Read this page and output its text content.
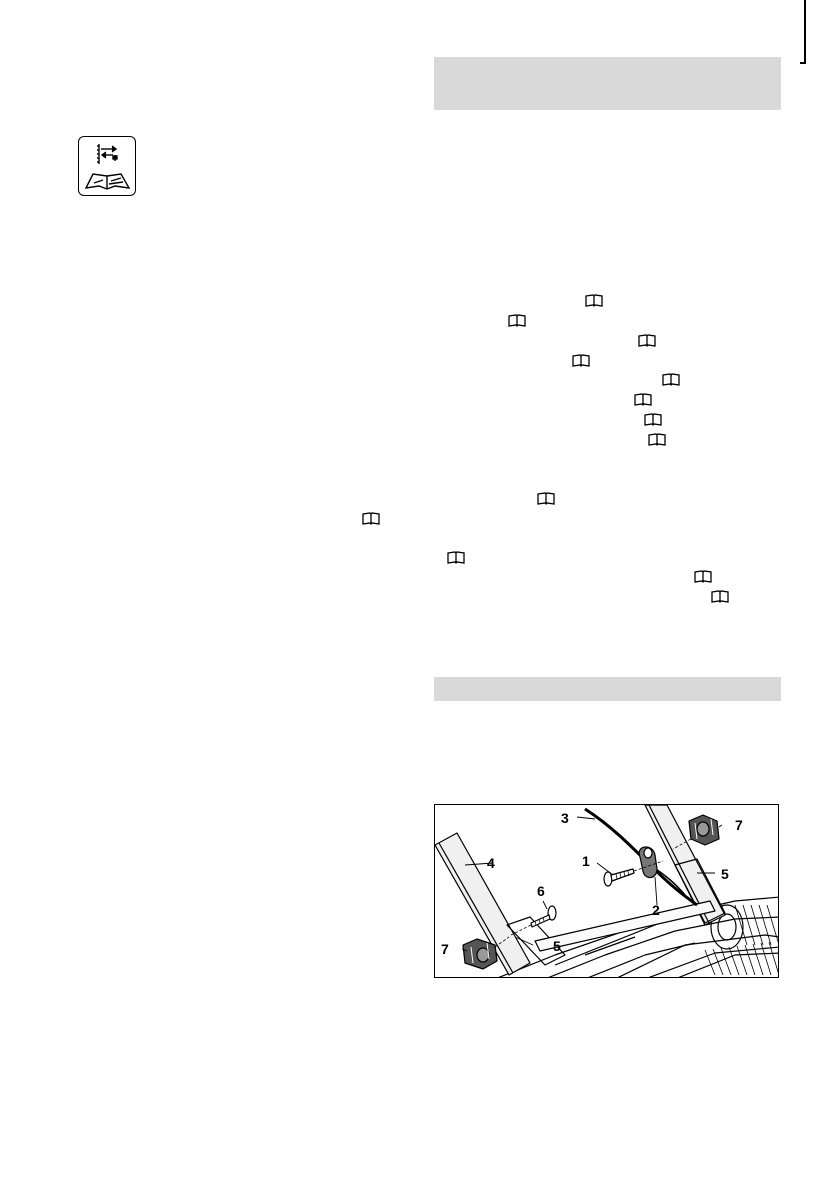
3
4	1
2
7
5
6
5
7
